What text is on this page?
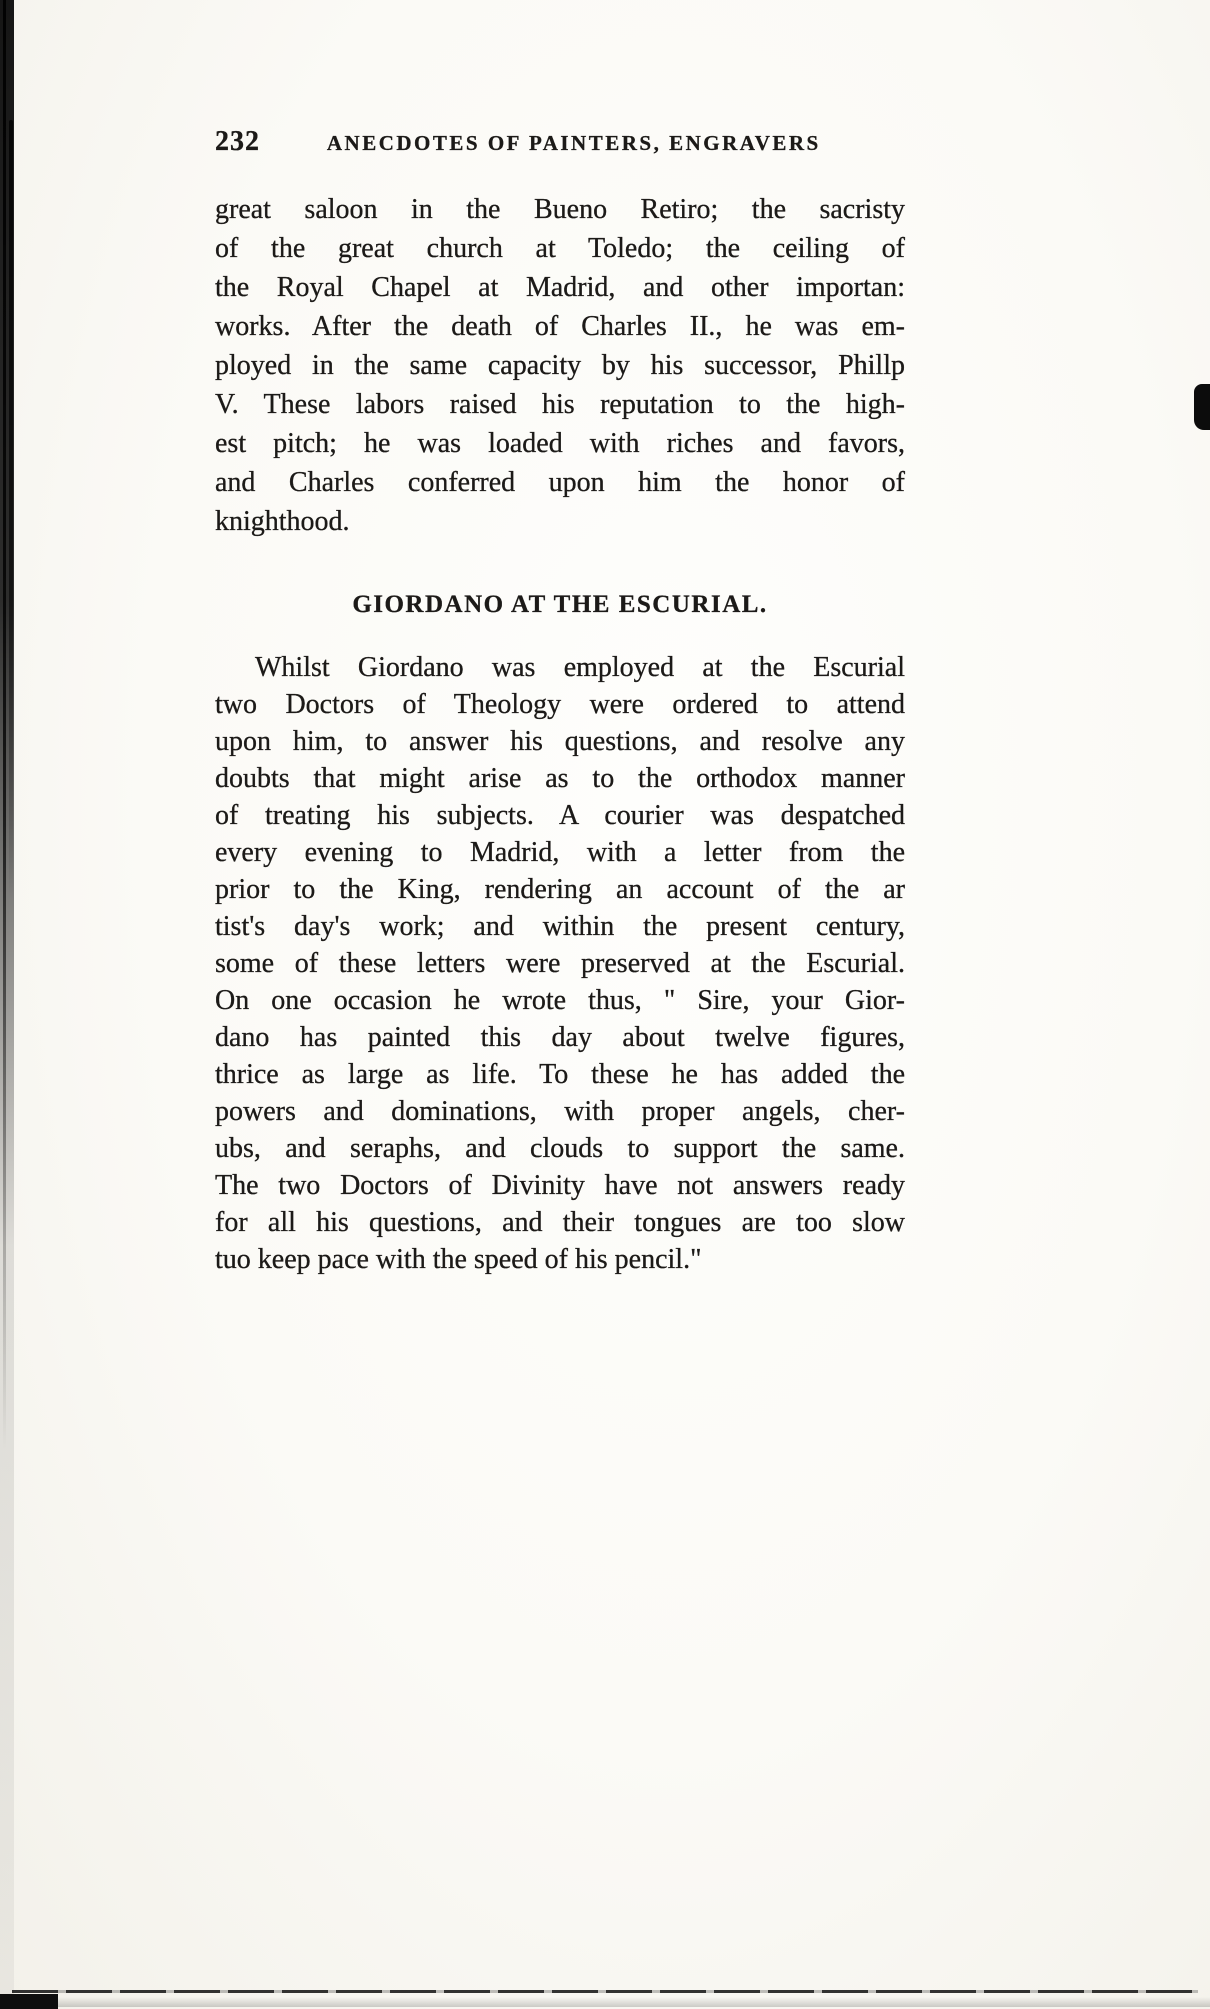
232	ANECDOTES OF PAINTERS, ENGRAVERS
great saloon in the Bueno Retiro; the sacristy
of the great church at Toledo; the ceiling of
the Royal Chapel at Madrid, and other importan:
works. After the death of Charles II., he was em-
ployed in the same capacity by his successor, Phillp
V. These labors raised his reputation to the high-
est pitch; he was loaded with riches and favors,
and Charles conferred upon him the honor of
knighthood.
GIORDANO AT THE ESCURIAL.
Whilst Giordano was employed at the Escurial
two Doctors of Theology were ordered to attend
upon him, to answer his questions, and resolve any
doubts that might arise as to the orthodox manner
of treating his subjects. A courier was despatched
every evening to Madrid, with a letter from the
prior to the King, rendering an account of the ar
tist's day's work; and within the present century,
some of these letters were preserved at the Escurial.
On one occasion he wrote thus, " Sire, your Gior-
dano has painted this day about twelve figures,
thrice as large as life. To these he has added the
powers and dominations, with proper angels, cher-
ubs, and seraphs, and clouds to support the same.
The two Doctors of Divinity have not answers ready
for all his questions, and their tongues are too slow
tuo keep pace with the speed of his pencil."
